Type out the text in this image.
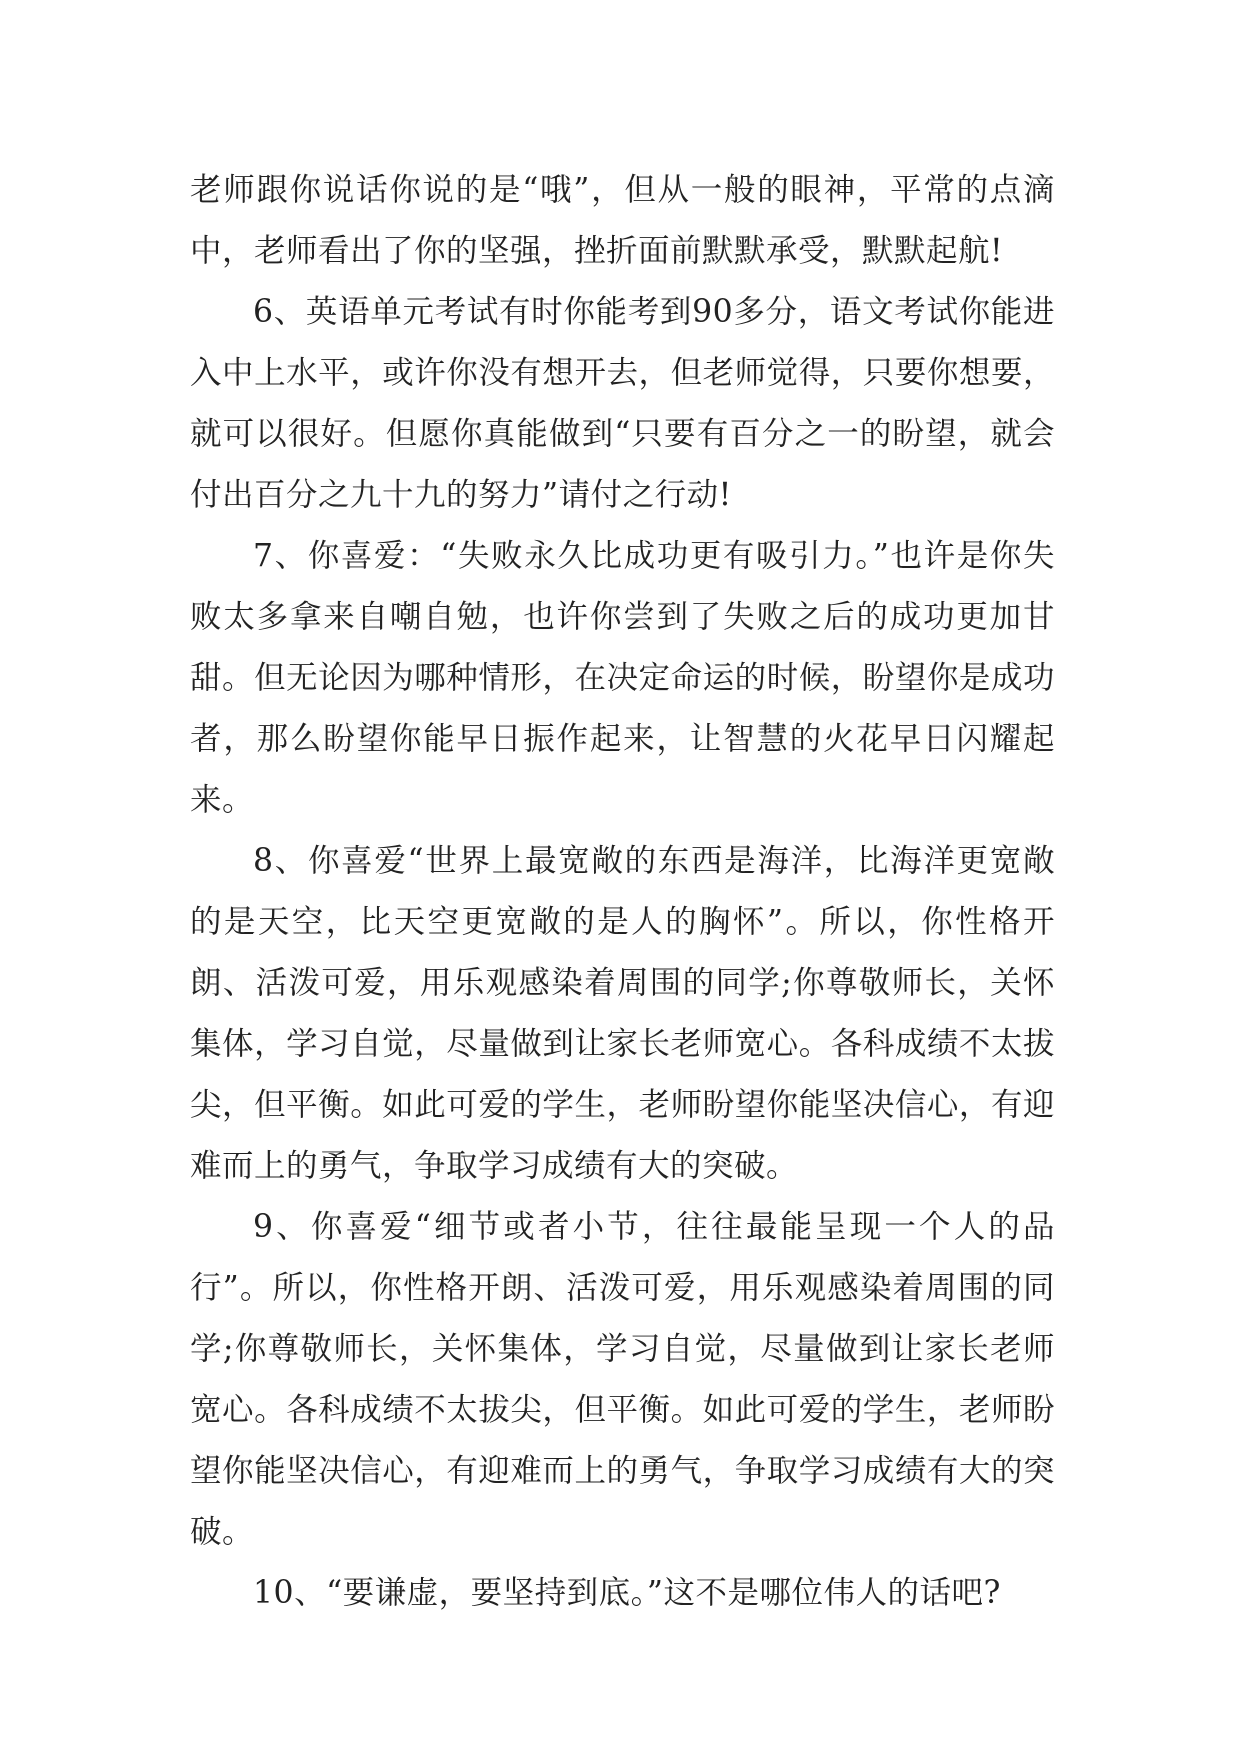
老师跟你说话你说的是“哦”，但从一般的眼神，平常的点滴中，老师看出了你的坚强，挫折面前默默承受，默默起航!

6、英语单元考试有时你能考到90多分，语文考试你能进入中上水平，或许你没有想开去，但老师觉得，只要你想要，就可以很好。但愿你真能做到“只要有百分之一的盼望，就会付出百分之九十九的努力”请付之行动!

7、你喜爱：“失败永久比成功更有吸引力。”也许是你失败太多拿来自嘲自勉，也许你尝到了失败之后的成功更加甘甜。但无论因为哪种情形，在决定命运的时候，盼望你是成功者，那么盼望你能早日振作起来，让智慧的火花早日闪耀起来。

8、你喜爱“世界上最宽敞的东西是海洋，比海洋更宽敞的是天空，比天空更宽敞的是人的胸怀”。所以，你性格开朗、活泼可爱，用乐观感染着周围的同学;你尊敬师长，关怀集体，学习自觉，尽量做到让家长老师宽心。各科成绩不太拔尖，但平衡。如此可爱的学生，老师盼望你能坚决信心，有迎难而上的勇气，争取学习成绩有大的突破。

9、你喜爱“细节或者小节，往往最能呈现一个人的品行”。所以，你性格开朗、活泼可爱，用乐观感染着周围的同学;你尊敬师长，关怀集体，学习自觉，尽量做到让家长老师宽心。各科成绩不太拔尖，但平衡。如此可爱的学生，老师盼望你能坚决信心，有迎难而上的勇气，争取学习成绩有大的突破。

10、“要谦虚，要坚持到底。”这不是哪位伟人的话吧?
